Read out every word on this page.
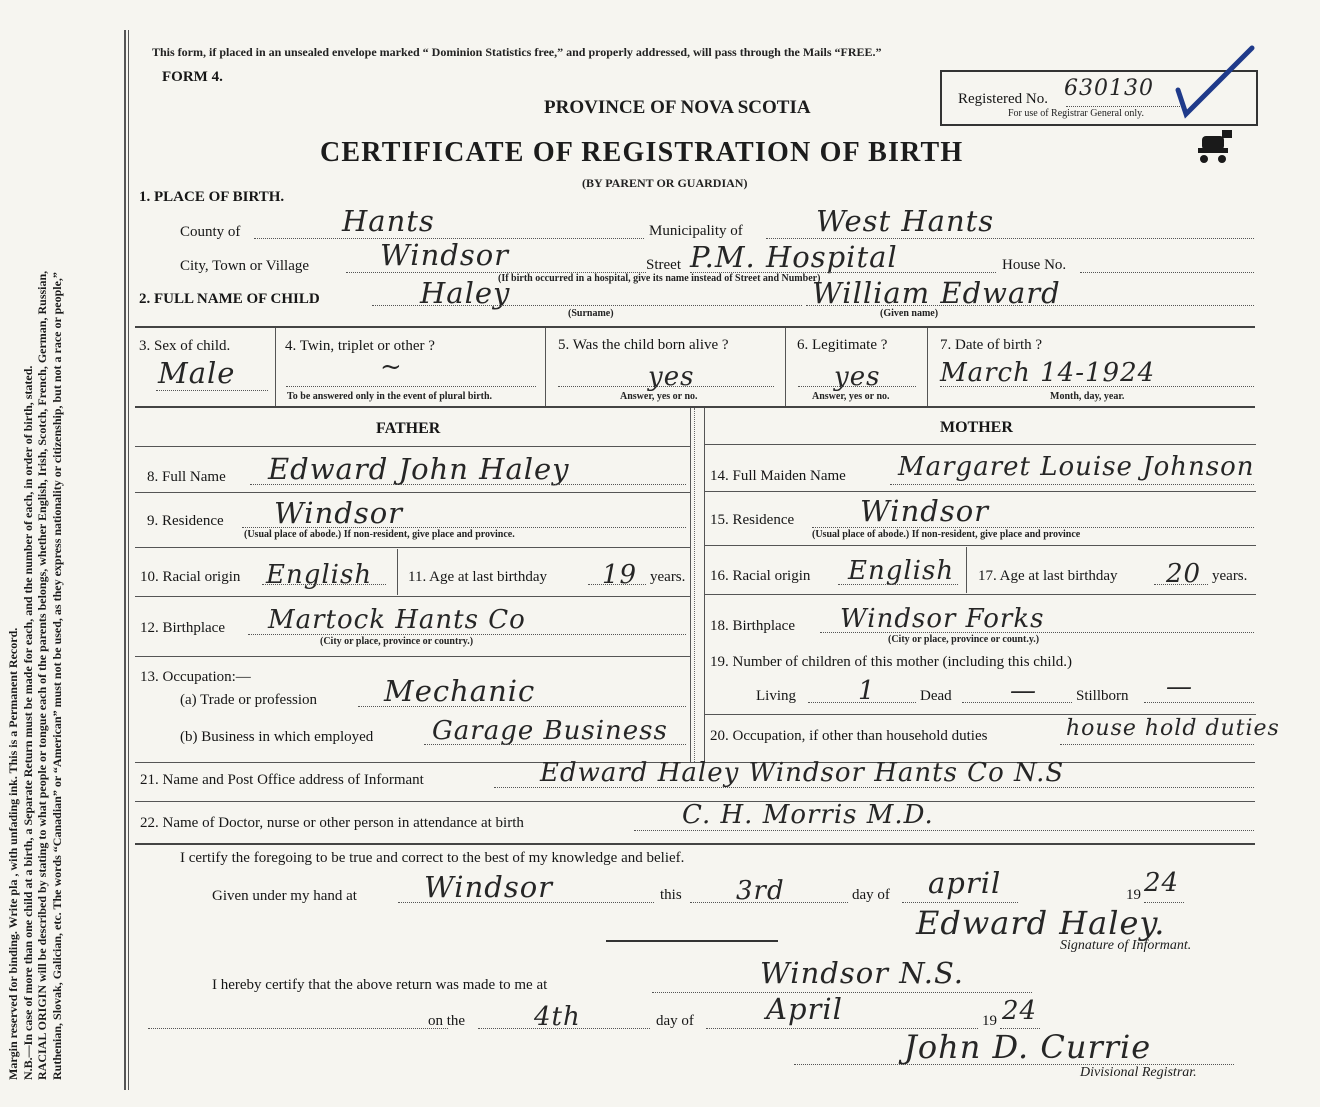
Margin reserved for binding. Write pla , with unfading ink. This is a Permanent Record. N.B.—In case of more than one child at a birth, a Separate Return must be made for each, and the number of each, in order of birth, stated. RACIAL ORIGIN will be described by stating to what people or tongue each of the parents belongs, whether English, Irish, Scotch, French, German, Russian, Ruthenian, Slovak, Galician, etc. The words “Canadian” or “American” must not be used, as they express nationality or citizenship, but not a race or people,”
This form, if placed in an unsealed envelope marked “ Dominion Statistics free,” and properly addressed, will pass through the Mails “FREE.”
FORM 4.
PROVINCE OF NOVA SCOTIA
CERTIFICATE OF REGISTRATION OF BIRTH
(BY PARENT OR GUARDIAN)
Registered No. 630130
For use of Registrar General only.
1. PLACE OF BIRTH.
County of	Hants	Municipality of	West Hants
City, Town or Village Windsor	Street P.M. Hospital	House No.
(If birth occurred in a hospital, give its name instead of Street and Number)
2. FULL NAME OF CHILD	Haley
(Surname)
William Edward
(Given name)
3. Sex of child.
Male
4. Twin, triplet or other ?
~
To be answered only in the event of plural birth.
5. Was the child born alive ?
yes
Answer, yes or no.
6. Legitimate ?
yes
Answer, yes or no.
7. Date of birth ?
March 14-1924
Month, day, year.
FATHER	MOTHER
8. Full Name Edward John Haley
9. Residence Windsor
(Usual place of abode.) If non-resident, give place and province.
10. Racial origin English 11. Age at last birthday 19 years.
12. Birthplace Martock Hants Co
(City or place, province or country.)
13. Occupation:—
(a) Trade or profession Mechanic
(b) Business in which employed Garage Business
14. Full Maiden Name Margaret Louise Johnson
15. Residence Windsor
(Usual place of abode.) If non-resident, give place and province
16. Racial origin English 17. Age at last birthday 20 years.
18. Birthplace Windsor Forks
(City or place, province or count.y.)
19. Number of children of this mother (including this child.)
Living 1	Dead —	Stillborn —
20. Occupation, if other than household duties	house hold duties
21. Name and Post Office address of Informant	Edward Haley Windsor Hants Co N.S
22. Name of Doctor, nurse or other person in attendance at birth	C. H. Morris M.D.
I certify the foregoing to be true and correct to the best of my knowledge and belief.
Given under my hand at Windsor	this 3rd	day of april	19 24
Edward Haley.
Signature of Informant.
I hereby certify that the above return was made to me at	Windsor N.S.
on the	4th	day of April	19 24
John D. Currie
Divisional Registrar.
